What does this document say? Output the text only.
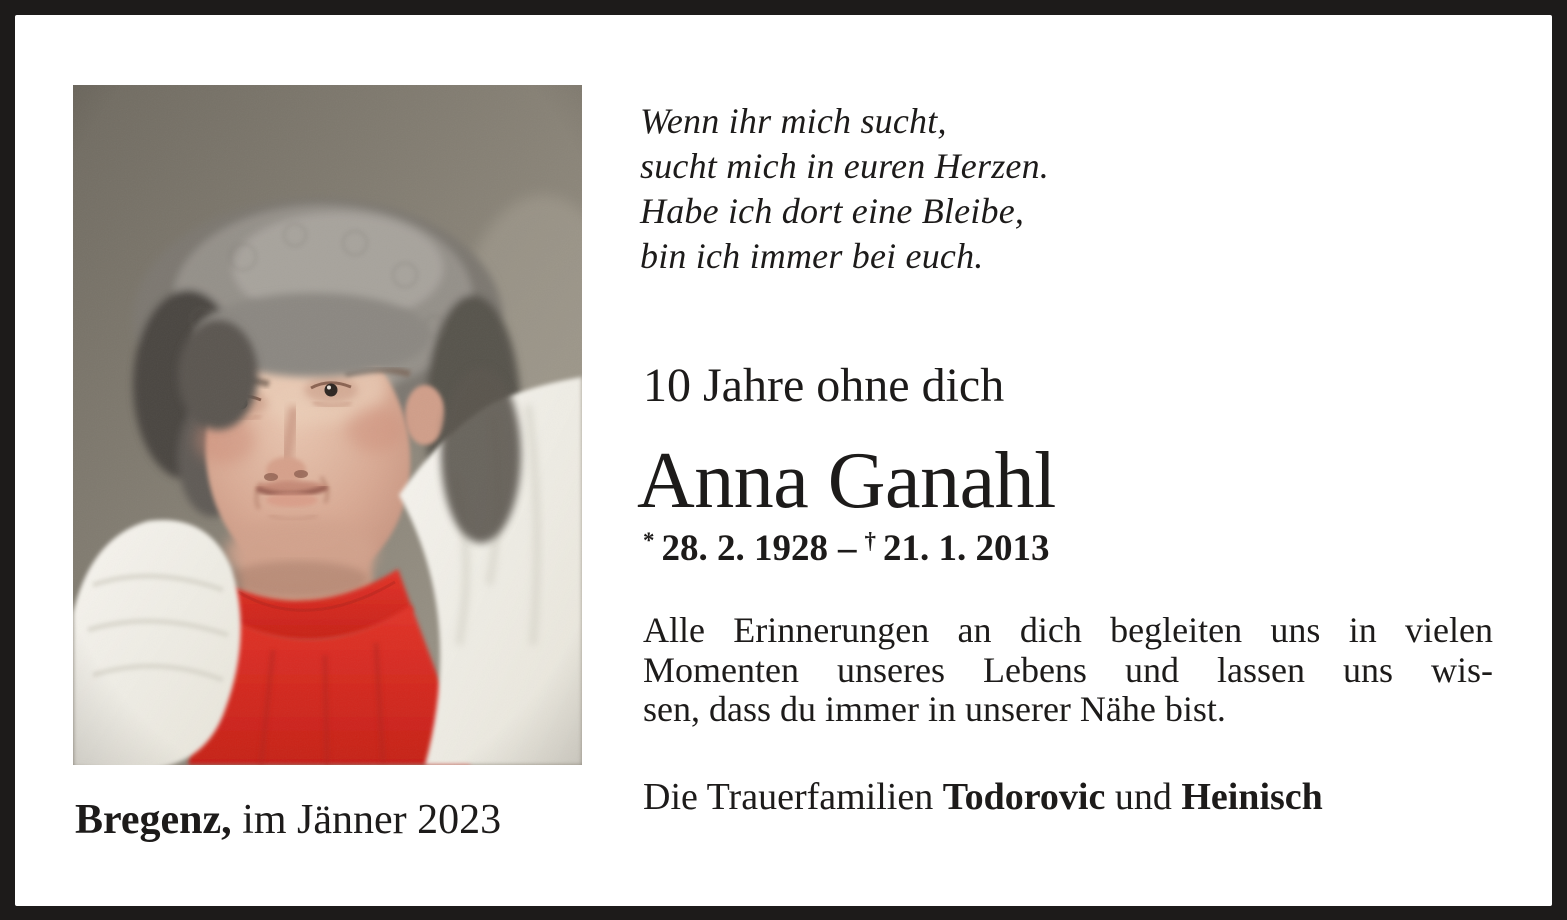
Wenn ihr mich sucht,
sucht mich in euren Herzen.
Habe ich dort eine Bleibe,
bin ich immer bei euch.
10 Jahre ohne dich
Anna Ganahl
* 28. 2. 1928 – † 21. 1. 2013
Alle Erinnerungen an dich begleiten uns in vielen
Momenten unseres Lebens und lassen uns wis-
sen, dass du immer in unserer Nähe bist.
Die Trauerfamilien Todorovic und Heinisch
Bregenz, im Jänner 2023
